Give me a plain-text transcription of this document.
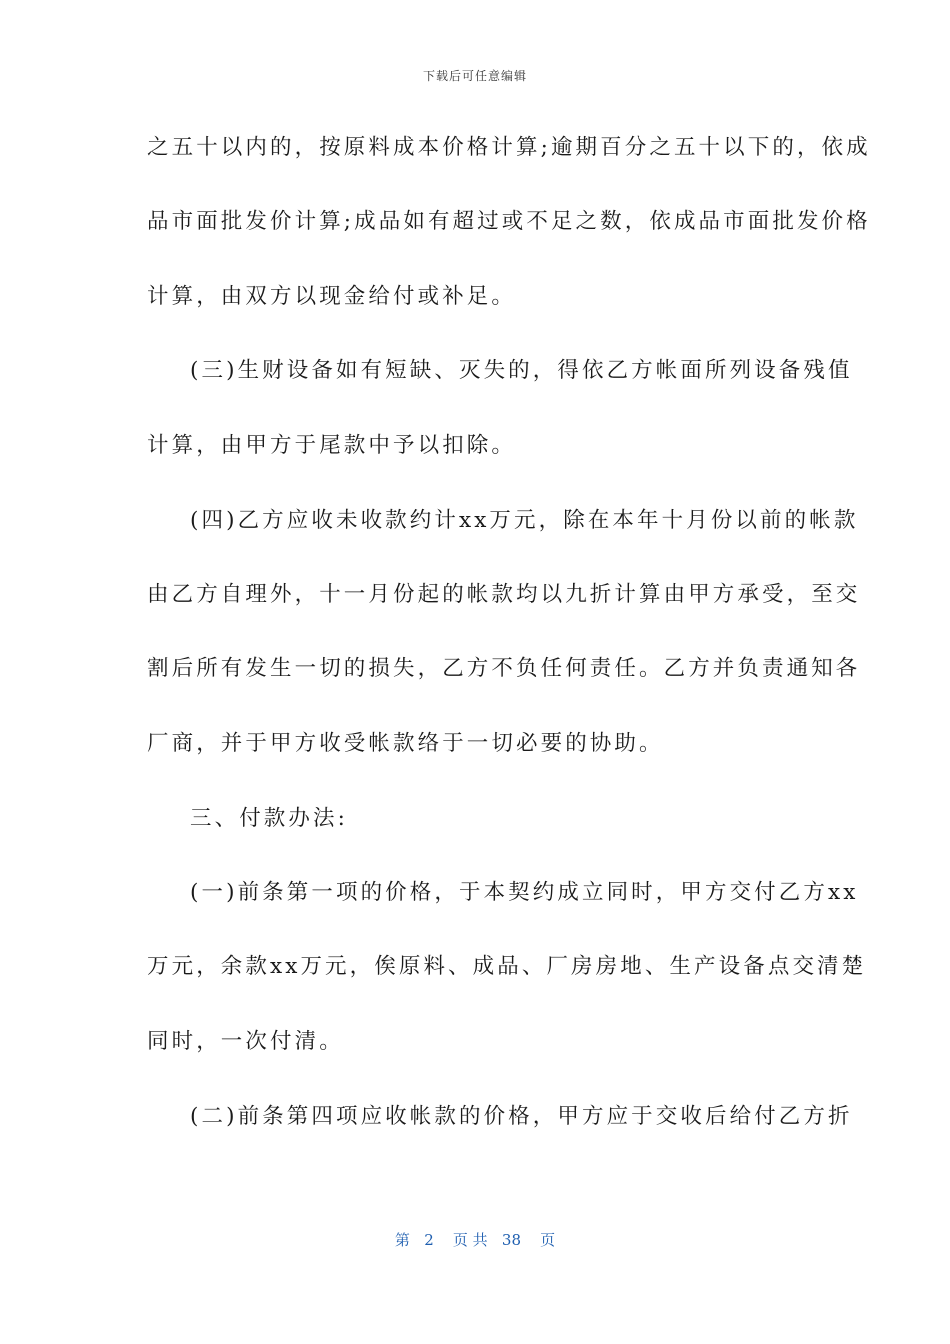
下载后可任意编辑
之五十以内的，按原料成本价格计算;逾期百分之五十以下的，依成
品市面批发价计算;成品如有超过或不足之数，依成品市面批发价格
计算，由双方以现金给付或补足。
(三)生财设备如有短缺、灭失的，得依乙方帐面所列设备残值
计算，由甲方于尾款中予以扣除。
(四)乙方应收未收款约计xx万元，除在本年十月份以前的帐款
由乙方自理外，十一月份起的帐款均以九折计算由甲方承受，至交
割后所有发生一切的损失，乙方不负任何责任。乙方并负责通知各
厂商，并于甲方收受帐款络于一切必要的协助。
三、付款办法:
(一)前条第一项的价格，于本契约成立同时，甲方交付乙方xx
万元，余款xx万元，俟原料、成品、厂房房地、生产设备点交清楚
同时，一次付清。
(二)前条第四项应收帐款的价格，甲方应于交收后给付乙方折
第 2 页 共 38 页
